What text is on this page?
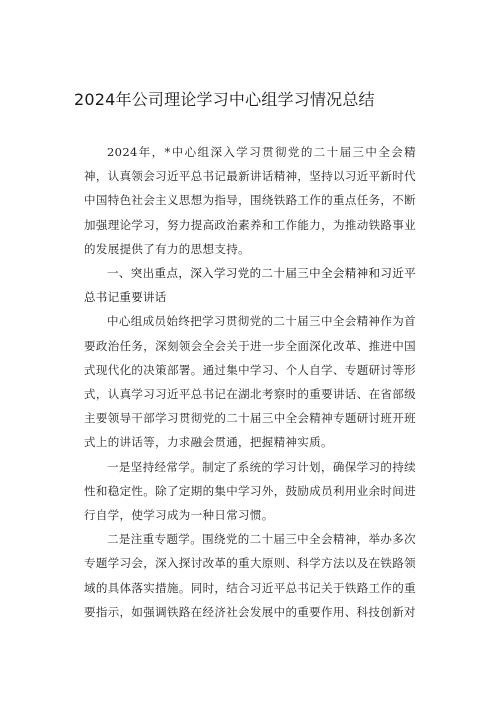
2024年公司理论学习中心组学习情况总结

2024年，*中心组深入学习贯彻党的二十届三中全会精神，认真领会习近平总书记最新讲话精神，坚持以习近平新时代中国特色社会主义思想为指导，围绕铁路工作的重点任务，不断加强理论学习，努力提高政治素养和工作能力，为推动铁路事业的发展提供了有力的思想支持。

一、突出重点，深入学习党的二十届三中全会精神和习近平总书记重要讲话

中心组成员始终把学习贯彻党的二十届三中全会精神作为首要政治任务，深刻领会全会关于进一步全面深化改革、推进中国式现代化的决策部署。通过集中学习、个人自学、专题研讨等形式，认真学习习近平总书记在湖北考察时的重要讲话、在省部级主要领导干部学习贯彻党的二十届三中全会精神专题研讨班开班式上的讲话等，力求融会贯通，把握精神实质。

一是坚持经常学。制定了系统的学习计划，确保学习的持续性和稳定性。除了定期的集中学习外，鼓励成员利用业余时间进行自学，使学习成为一种日常习惯。

二是注重专题学。围绕党的二十届三中全会精神，举办多次专题学习会，深入探讨改革的重大原则、科学方法以及在铁路领域的具体落实措施。同时，结合习近平总书记关于铁路工作的重要指示，如强调铁路在经济社会发展中的重要作用、科技创新对
